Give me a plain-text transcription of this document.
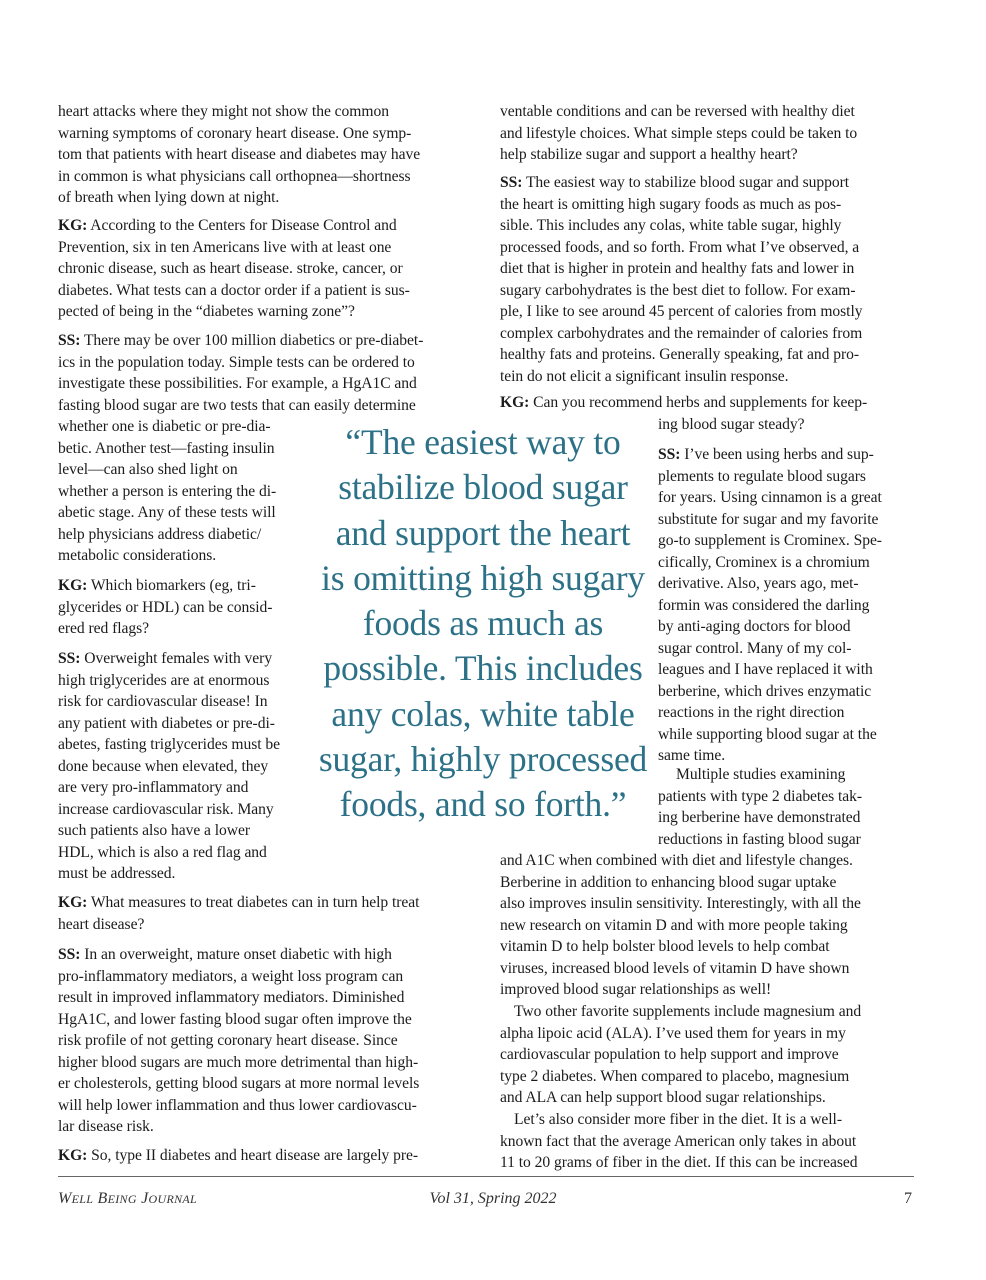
heart attacks where they might not show the common
warning symptoms of coronary heart disease. One symp-
tom that patients with heart disease and diabetes may have
in common is what physicians call orthopnea—shortness
of breath when lying down at night.
KG: According to the Centers for Disease Control and
Prevention, six in ten Americans live with at least one
chronic disease, such as heart disease. stroke, cancer, or
diabetes. What tests can a doctor order if a patient is sus-
pected of being in the “diabetes warning zone”?
SS: There may be over 100 million diabetics or pre-diabet-
ics in the population today. Simple tests can be ordered to
investigate these possibilities. For example, a HgA1C and
fasting blood sugar are two tests that can easily determine
whether one is diabetic or pre-dia-
betic. Another test—fasting insulin
level—can also shed light on
whether a person is entering the di-
abetic stage. Any of these tests will
help physicians address diabetic/
metabolic considerations.
KG: Which biomarkers (eg, tri-
glycerides or HDL) can be consid-
ered red flags?
SS: Overweight females with very
high triglycerides are at enormous
risk for cardiovascular disease! In
any patient with diabetes or pre-di-
abetes, fasting triglycerides must be
done because when elevated, they
are very pro-inflammatory and
increase cardiovascular risk. Many
such patients also have a lower
HDL, which is also a red flag and
must be addressed.
KG: What measures to treat diabetes can in turn help treat
heart disease?
SS: In an overweight, mature onset diabetic with high
pro-inflammatory mediators, a weight loss program can
result in improved inflammatory mediators. Diminished
HgA1C, and lower fasting blood sugar often improve the
risk profile of not getting coronary heart disease. Since
higher blood sugars are much more detrimental than high-
er cholesterols, getting blood sugars at more normal levels
will help lower inflammation and thus lower cardiovascu-
lar disease risk.
KG: So, type II diabetes and heart disease are largely pre-
ventable conditions and can be reversed with healthy diet
and lifestyle choices. What simple steps could be taken to
help stabilize sugar and support a healthy heart?
SS: The easiest way to stabilize blood sugar and support
the heart is omitting high sugary foods as much as pos-
sible. This includes any colas, white table sugar, highly
processed foods, and so forth. From what I’ve observed, a
diet that is higher in protein and healthy fats and lower in
sugary carbohydrates is the best diet to follow. For exam-
ple, I like to see around 45 percent of calories from mostly
complex carbohydrates and the remainder of calories from
healthy fats and proteins. Generally speaking, fat and pro-
tein do not elicit a significant insulin response.
KG: Can you recommend herbs and supplements for keep-
ing blood sugar steady?
SS: I’ve been using herbs and sup-
plements to regulate blood sugars
for years. Using cinnamon is a great
substitute for sugar and my favorite
go-to supplement is Crominex. Spe-
cifically, Crominex is a chromium
derivative. Also, years ago, met-
formin was considered the darling
by anti-aging doctors for blood
sugar control. Many of my col-
leagues and I have replaced it with
berberine, which drives enzymatic
reactions in the right direction
while supporting blood sugar at the
same time.
Multiple studies examining
patients with type 2 diabetes tak-
ing berberine have demonstrated
reductions in fasting blood sugar
and A1C when combined with diet and lifestyle changes.
Berberine in addition to enhancing blood sugar uptake
also improves insulin sensitivity. Interestingly, with all the
new research on vitamin D and with more people taking
vitamin D to help bolster blood levels to help combat
viruses, increased blood levels of vitamin D have shown
improved blood sugar relationships as well!
Two other favorite supplements include magnesium and
alpha lipoic acid (ALA). I’ve used them for years in my
cardiovascular population to help support and improve
type 2 diabetes. When compared to placebo, magnesium
and ALA can help support blood sugar relationships.
Let’s also consider more fiber in the diet. It is a well-
known fact that the average American only takes in about
11 to 20 grams of fiber in the diet. If this can be increased
“The easiest way to
stabilize blood sugar
and support the heart
is omitting high sugary
foods as much as
possible. This includes
any colas, white table
sugar, highly processed
foods, and so forth.”
WELL BEING JOURNAL	Vol 31, Spring 2022	7
